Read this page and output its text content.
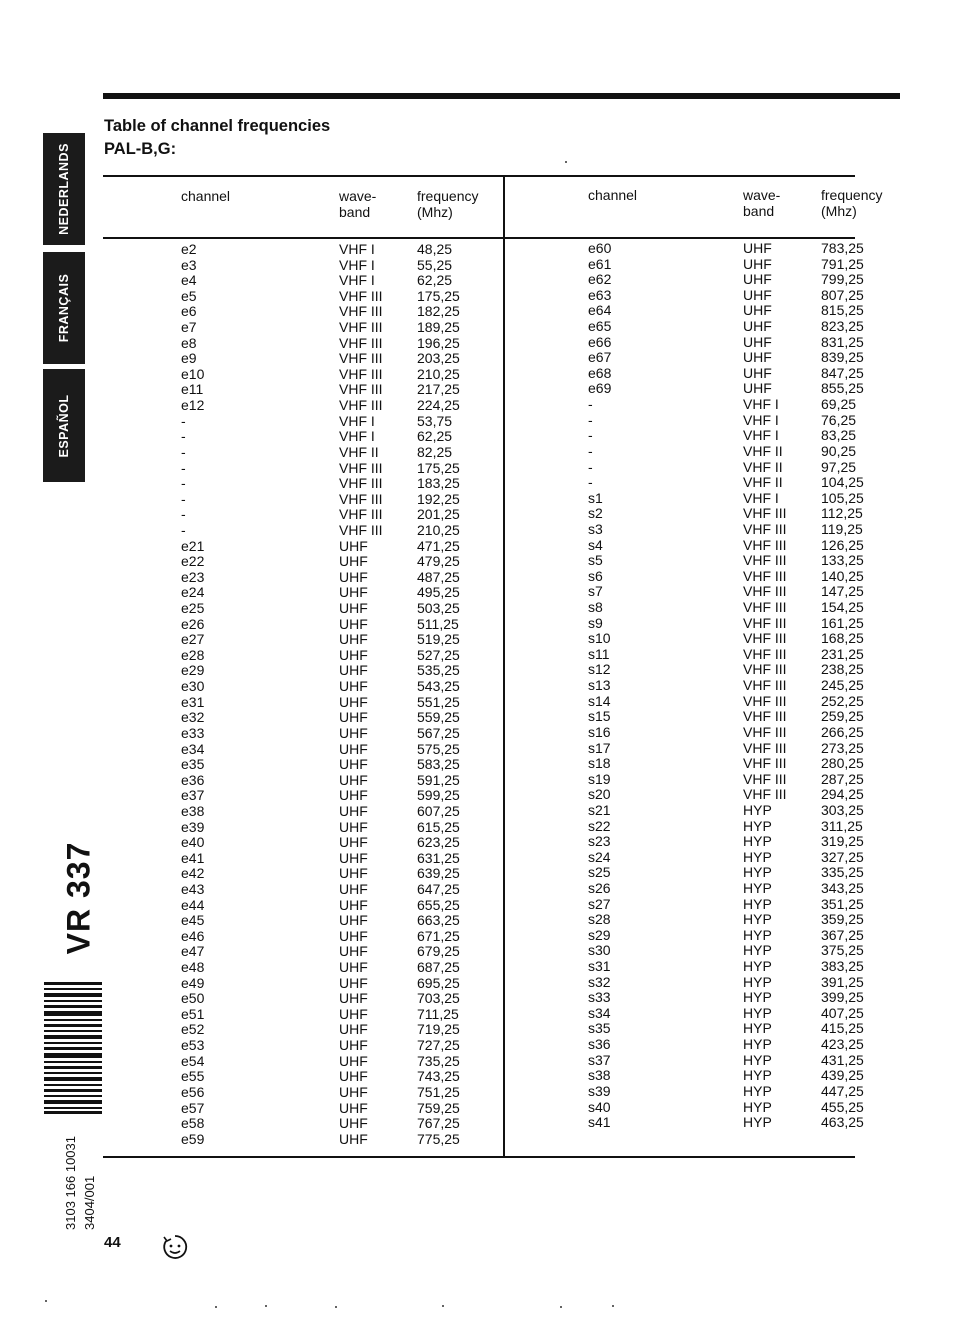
Table of channel frequencies
PAL-B,G:
NEDERLANDS
FRANÇAIS
ESPAÑOL
channel	wave-
band
frequency
(Mhz)
channel	wave-
band
frequency
(Mhz)
e2
e3
e4
e5
e6
e7
e8
e9
e10
e11
e12
-
-
-
-
-
-
-
-
e21
e22
e23
e24
e25
e26
e27
e28
e29
e30
e31
e32
e33
e34
e35
e36
e37
e38
e39
e40
e41
e42
e43
e44
e45
e46
e47
e48
e49
e50
e51
e52
e53
e54
e55
e56
e57
e58
e59
VHF I
VHF I
VHF I
VHF III
VHF III
VHF III
VHF III
VHF III
VHF III
VHF III
VHF III
VHF I
VHF I
VHF II
VHF III
VHF III
VHF III
VHF III
VHF III
UHF
UHF
UHF
UHF
UHF
UHF
UHF
UHF
UHF
UHF
UHF
UHF
UHF
UHF
UHF
UHF
UHF
UHF
UHF
UHF
UHF
UHF
UHF
UHF
UHF
UHF
UHF
UHF
UHF
UHF
UHF
UHF
UHF
UHF
UHF
UHF
UHF
UHF
UHF
48,25
55,25
62,25
175,25
182,25
189,25
196,25
203,25
210,25
217,25
224,25
53,75
62,25
82,25
175,25
183,25
192,25
201,25
210,25
471,25
479,25
487,25
495,25
503,25
511,25
519,25
527,25
535,25
543,25
551,25
559,25
567,25
575,25
583,25
591,25
599,25
607,25
615,25
623,25
631,25
639,25
647,25
655,25
663,25
671,25
679,25
687,25
695,25
703,25
711,25
719,25
727,25
735,25
743,25
751,25
759,25
767,25
775,25
e60
e61
e62
e63
e64
e65
e66
e67
e68
e69
-
-
-
-
-
-
s1
s2
s3
s4
s5
s6
s7
s8
s9
s10
s11
s12
s13
s14
s15
s16
s17
s18
s19
s20
s21
s22
s23
s24
s25
s26
s27
s28
s29
s30
s31
s32
s33
s34
s35
s36
s37
s38
s39
s40
s41
UHF
UHF
UHF
UHF
UHF
UHF
UHF
UHF
UHF
UHF
VHF I
VHF I
VHF I
VHF II
VHF II
VHF II
VHF I
VHF III
VHF III
VHF III
VHF III
VHF III
VHF III
VHF III
VHF III
VHF III
VHF III
VHF III
VHF III
VHF III
VHF III
VHF III
VHF III
VHF III
VHF III
VHF III
HYP
HYP
HYP
HYP
HYP
HYP
HYP
HYP
HYP
HYP
HYP
HYP
HYP
HYP
HYP
HYP
HYP
HYP
HYP
HYP
HYP
783,25
791,25
799,25
807,25
815,25
823,25
831,25
839,25
847,25
855,25
69,25
76,25
83,25
90,25
97,25
104,25
105,25
112,25
119,25
126,25
133,25
140,25
147,25
154,25
161,25
168,25
231,25
238,25
245,25
252,25
259,25
266,25
273,25
280,25
287,25
294,25
303,25
311,25
319,25
327,25
335,25
343,25
351,25
359,25
367,25
375,25
383,25
391,25
399,25
407,25
415,25
423,25
431,25
439,25
447,25
455,25
463,25
VR 337
3103 166 10031
3404/001
44
